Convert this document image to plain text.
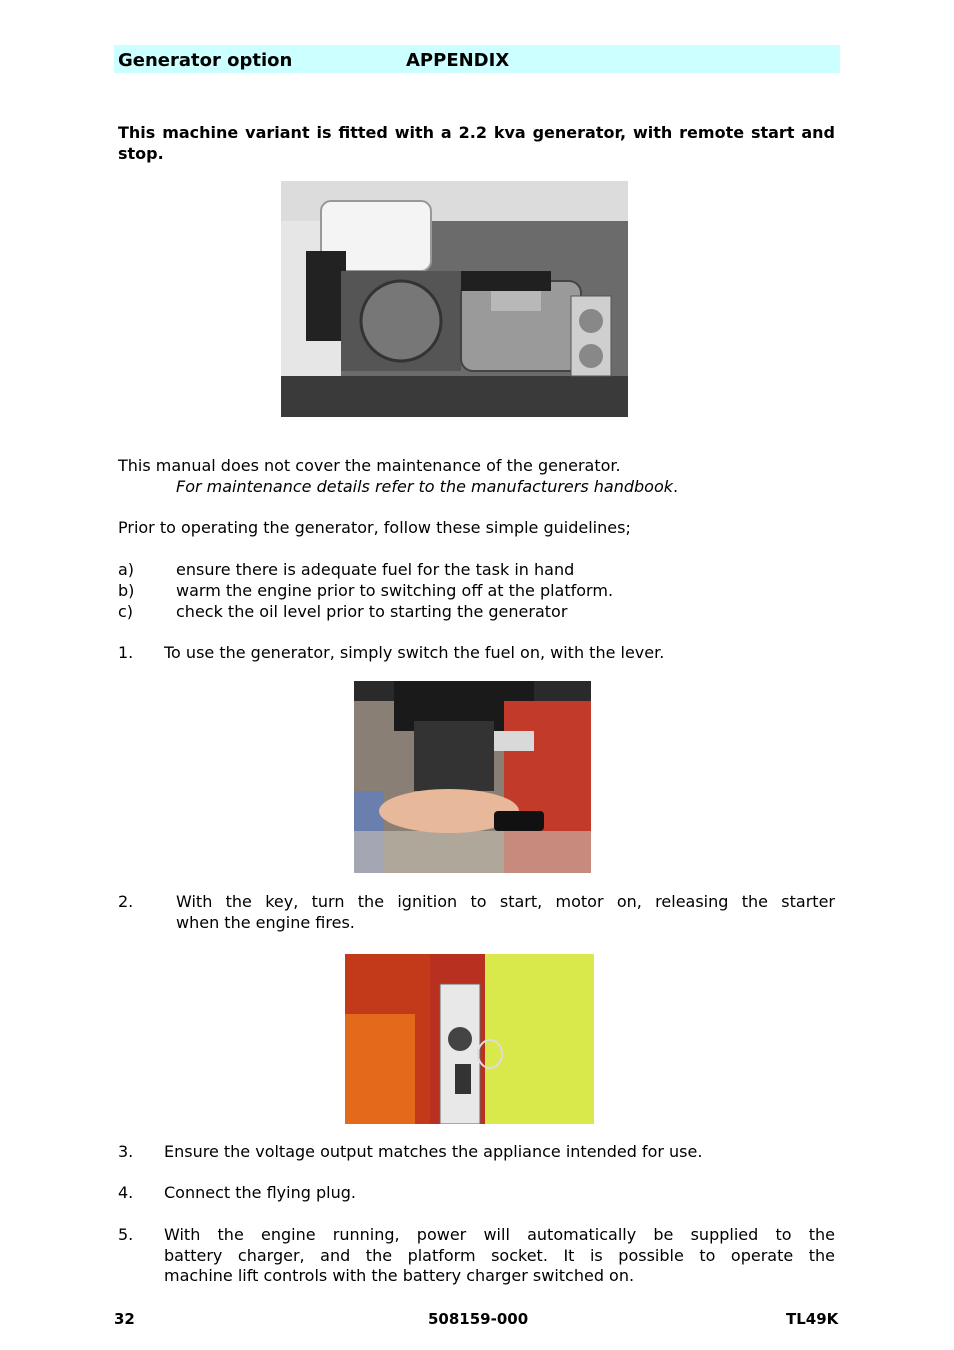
Generator option	APPENDIX
This machine variant is fitted with a 2.2 kva generator, with remote start and stop.
This manual does not cover the maintenance of the generator.
For maintenance details refer to the manufacturers handbook.
Prior to operating the generator, follow these simple guidelines;
a)	ensure there is adequate fuel for the task in hand
b)	warm the engine prior to switching off at the platform.
c)	check the oil level prior to starting the generator
1. To use the generator, simply switch the fuel on, with the lever.
2.	With the key, turn the ignition to start, motor on, releasing the starter
when the engine fires.
3. Ensure the voltage output matches the appliance intended for use.
4. Connect the flying plug.
5. With the engine running, power will automatically be supplied to the
battery charger, and the platform socket. It is possible to operate the
machine lift controls with the battery charger switched on.
32	508159-000	TL49K
